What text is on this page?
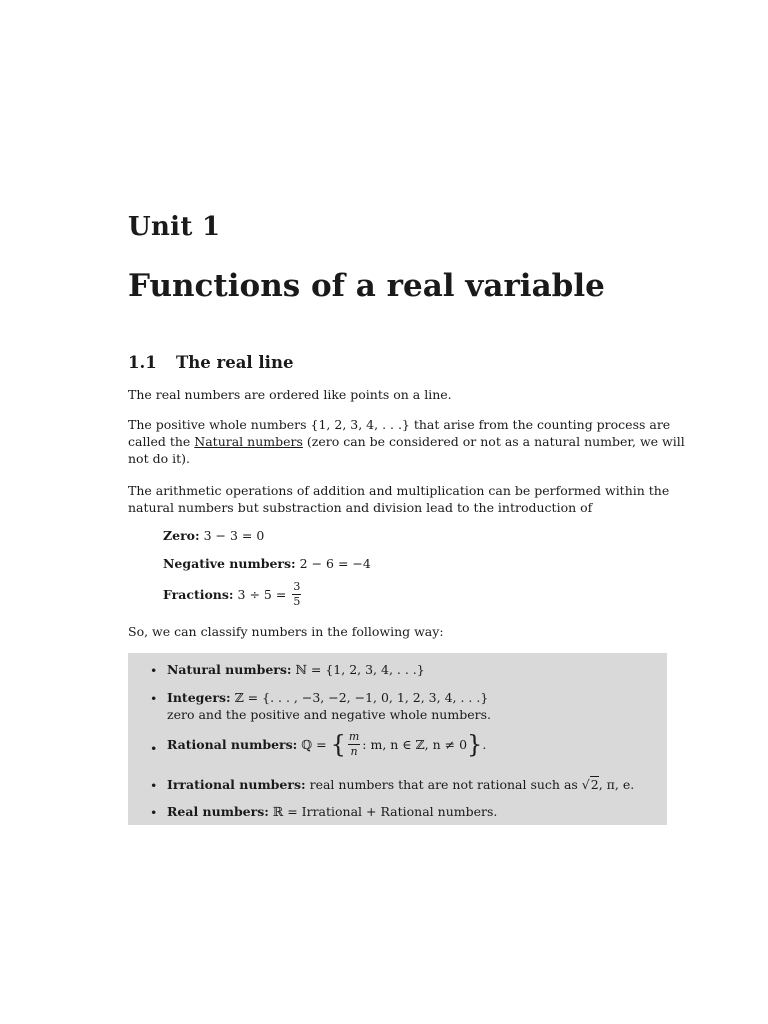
Unit 1
Functions of a real variable
1.1 The real line
The real numbers are ordered like points on a line.
The positive whole numbers {1, 2, 3, 4, . . .} that arise from the counting process are
called the Natural numbers (zero can be considered or not as a natural number, we will
not do it).
The arithmetic operations of addition and multiplication can be performed within the
natural numbers but substraction and division lead to the introduction of
Zero: 3 − 3 = 0
Negative numbers: 2 − 6 = −4
Fractions: $3 \div 5 = \frac{3}{5}$
So, we can classify numbers in the following way:
• Natural numbers: ℕ = {1, 2, 3, 4, . . .}
• Integers: ℤ = {. . . , −3, −2, −1, 0, 1, 2, 3, 4, . . .}
zero and the positive and negative whole numbers.
• Rational numbers: ℚ = { $\frac{m}{n}$ : m, n ∈ ℤ, n ≠ 0}.
• Irrational numbers: real numbers that are not rational such as √2, π, e.
• Real numbers: ℝ = Irrational + Rational numbers.
